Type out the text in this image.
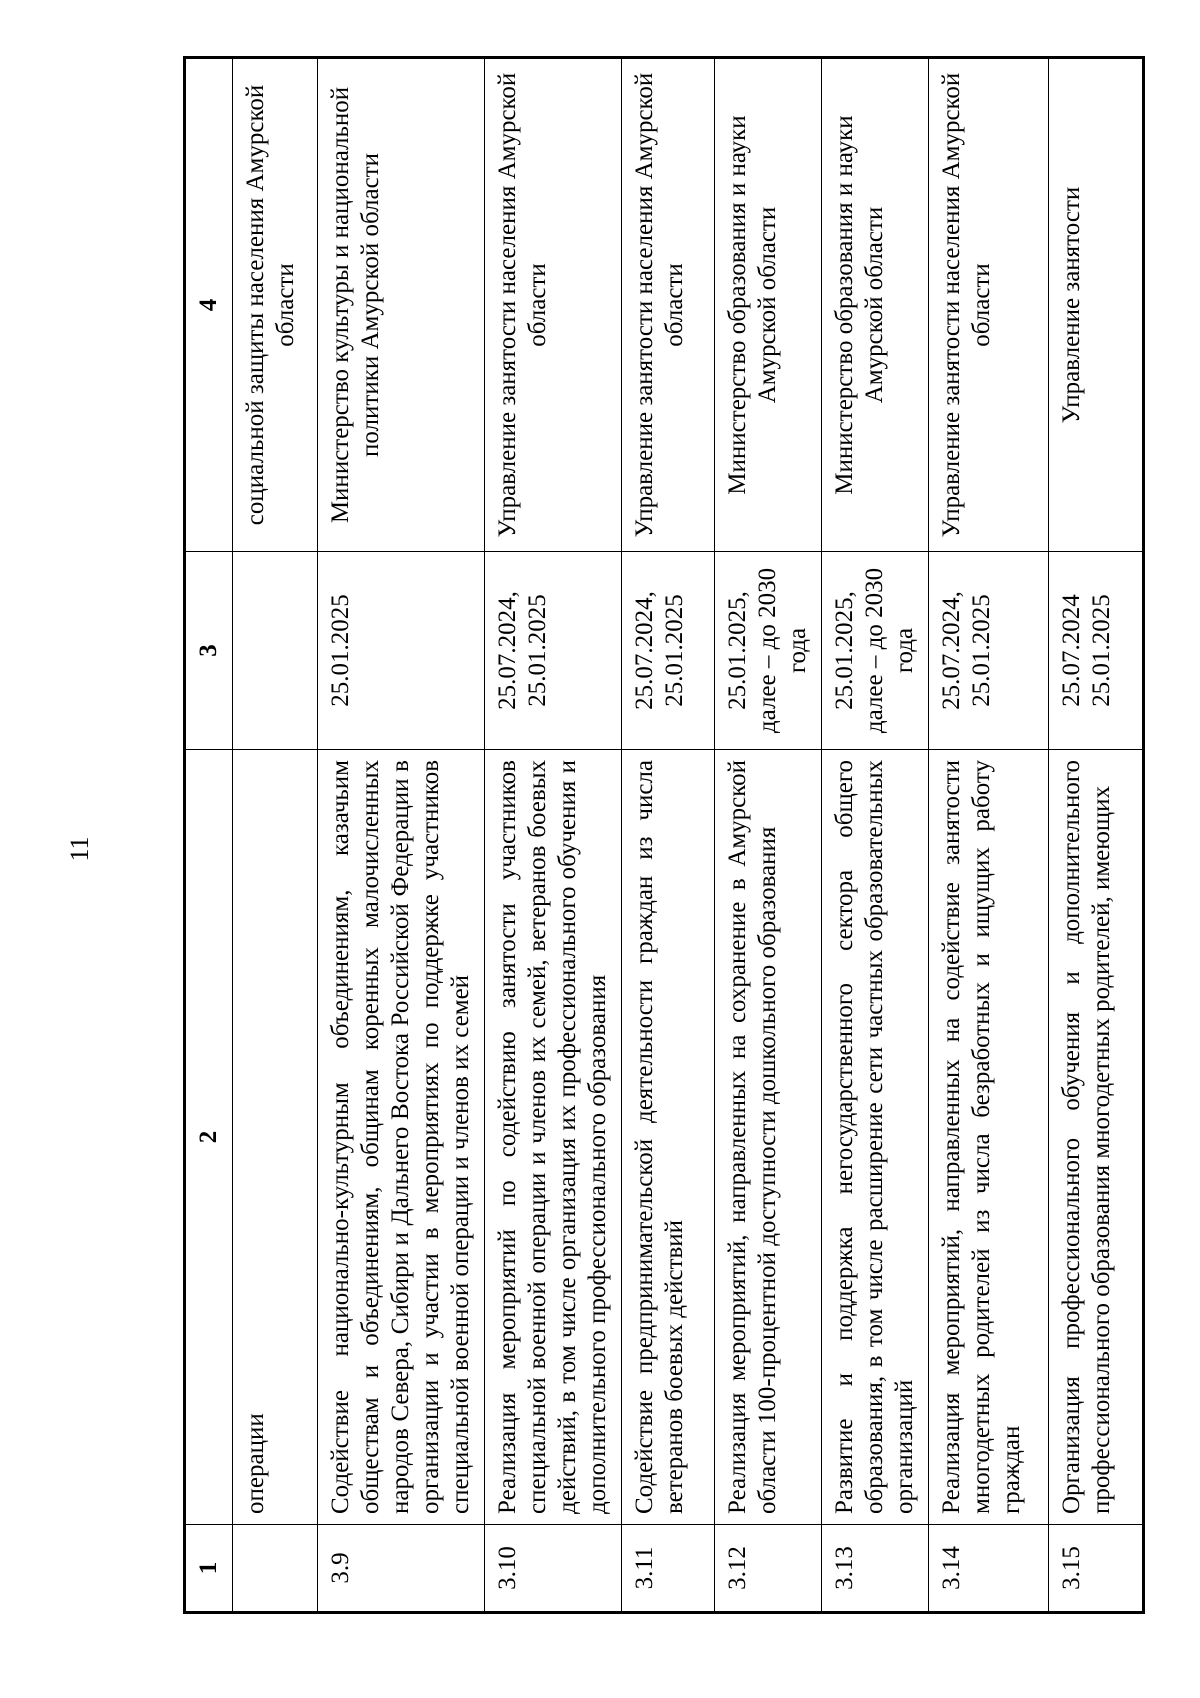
11
1	2	3	4
	операции		социальной защиты населения Амурской области
3.9	Содействие национально-культурным объединениям, казачьим обществам и объединениям, общинам коренных малочисленных народов Севера, Сибири и Дальнего Востока Российской Федерации в организации и участии в мероприятиях по поддержке участников специальной военной операции и членов их семей	25.01.2025	Министерство культуры и национальной политики Амурской области
3.10	Реализация мероприятий по содействию занятости участников специальной военной операции и членов их семей, ветеранов боевых действий, в том числе организация их профессионального обучения и дополнительного профессионального образования	25.07.2024, 25.01.2025	Управление занятости населения Амурской области
3.11	Содействие предпринимательской деятельности граждан из числа ветеранов боевых действий	25.07.2024, 25.01.2025	Управление занятости населения Амурской области
3.12	Реализация мероприятий, направленных на сохранение в Амурской области 100-процентной доступности дошкольного образования	25.01.2025, далее – до 2030 года	Министерство образования и науки Амурской области
3.13	Развитие и поддержка негосударственного сектора общего образования, в том числе расширение сети частных образовательных организаций	25.01.2025, далее – до 2030 года	Министерство образования и науки Амурской области
3.14	Реализация мероприятий, направленных на содействие занятости многодетных родителей из числа безработных и ищущих работу граждан	25.07.2024, 25.01.2025	Управление занятости населения Амурской области
3.15	Организация профессионального обучения и дополнительного профессионального образования многодетных родителей, имеющих	25.07.2024 25.01.2025	Управление занятости
